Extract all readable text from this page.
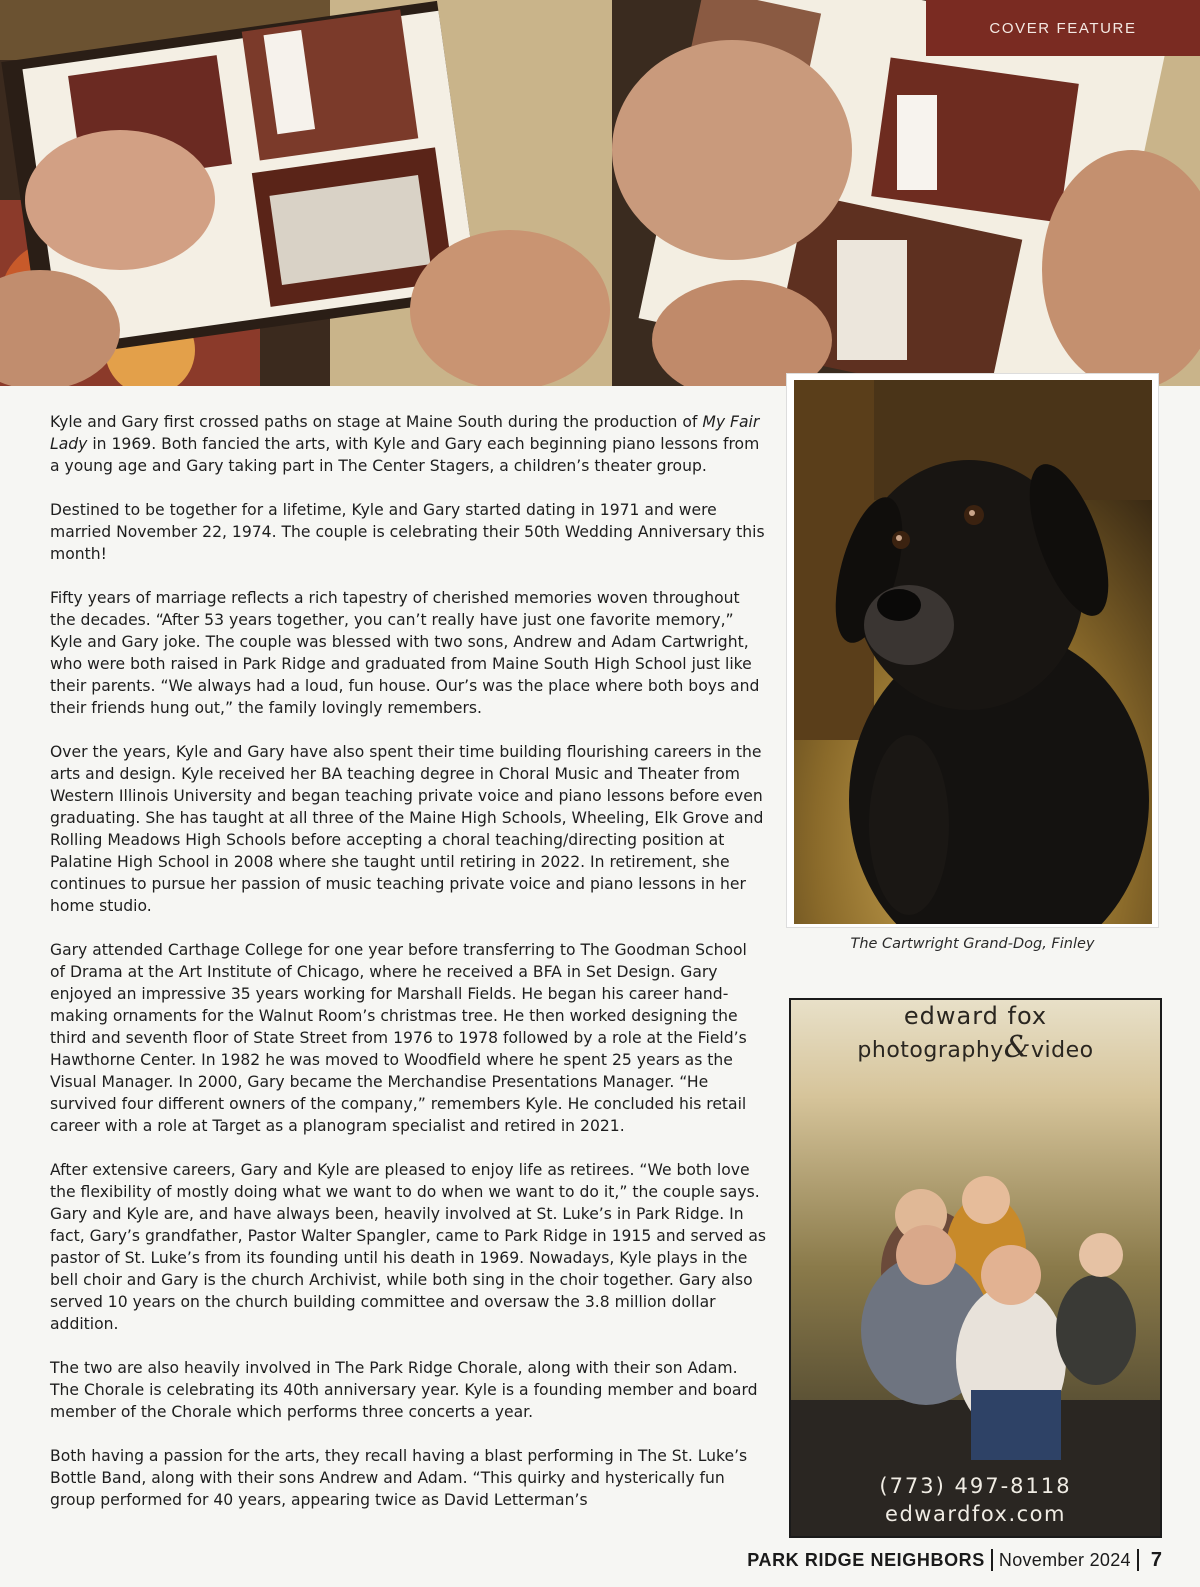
COVER FEATURE

Kyle and Gary first crossed paths on stage at Maine South during the production of My Fair Lady in 1969. Both fancied the arts, with Kyle and Gary each beginning piano lessons from a young age and Gary taking part in The Center Stagers, a children’s theater group.

Destined to be together for a lifetime, Kyle and Gary started dating in 1971 and were married November 22, 1974. The couple is celebrating their 50th Wedding Anniversary this month!

Fifty years of marriage reflects a rich tapestry of cherished memories woven throughout the decades. “After 53 years together, you can’t really have just one favorite memory,” Kyle and Gary joke. The couple was blessed with two sons, Andrew and Adam Cartwright, who were both raised in Park Ridge and graduated from Maine South High School just like their parents. “We always had a loud, fun house. Our’s was the place where both boys and their friends hung out,” the family lovingly remembers.

Over the years, Kyle and Gary have also spent their time building flourishing careers in the arts and design. Kyle received her BA teaching degree in Choral Music and Theater from Western Illinois University and began teaching private voice and piano lessons before even graduating. She has taught at all three of the Maine High Schools, Wheeling, Elk Grove and Rolling Meadows High Schools before accepting a choral teaching/directing position at Palatine High School in 2008 where she taught until retiring in 2022. In retirement, she continues to pursue her passion of music teaching private voice and piano lessons in her home studio.

Gary attended Carthage College for one year before transferring to The Goodman School of Drama at the Art Institute of Chicago, where he received a BFA in Set Design. Gary enjoyed an impressive 35 years working for Marshall Fields. He began his career hand-making ornaments for the Walnut Room’s christmas tree. He then worked designing the third and seventh floor of State Street from 1976 to 1978 followed by a role at the Field’s Hawthorne Center. In 1982 he was moved to Woodfield where he spent 25 years as the Visual Manager. In 2000, Gary became the Merchandise Presentations Manager. “He survived four different owners of the company,” remembers Kyle. He concluded his retail career with a role at Target as a planogram specialist and retired in 2021.

After extensive careers, Gary and Kyle are pleased to enjoy life as retirees. “We both love the flexibility of mostly doing what we want to do when we want to do it,” the couple says. Gary and Kyle are, and have always been, heavily involved at St. Luke’s in Park Ridge. In fact, Gary’s grandfather, Pastor Walter Spangler, came to Park Ridge in 1915 and served as pastor of St. Luke’s from its founding until his death in 1969. Nowadays, Kyle plays in the bell choir and Gary is the church Archivist, while both sing in the choir together. Gary also served 10 years on the church building committee and oversaw the 3.8 million dollar addition.

The two are also heavily involved in The Park Ridge Chorale, along with their son Adam. The Chorale is celebrating its 40th anniversary year. Kyle is a founding member and board member of the Chorale which performs three concerts a year.

Both having a passion for the arts, they recall having a blast performing in The St. Luke’s Bottle Band, along with their sons Andrew and Adam. “This quirky and hysterically fun group performed for 40 years, appearing twice as David Letterman’s

The Cartwright Grand-Dog, Finley
edward fox
photography&video
(773) 497-8118
edwardfox.com
PARK RIDGE NEIGHBORS November 2024 7
